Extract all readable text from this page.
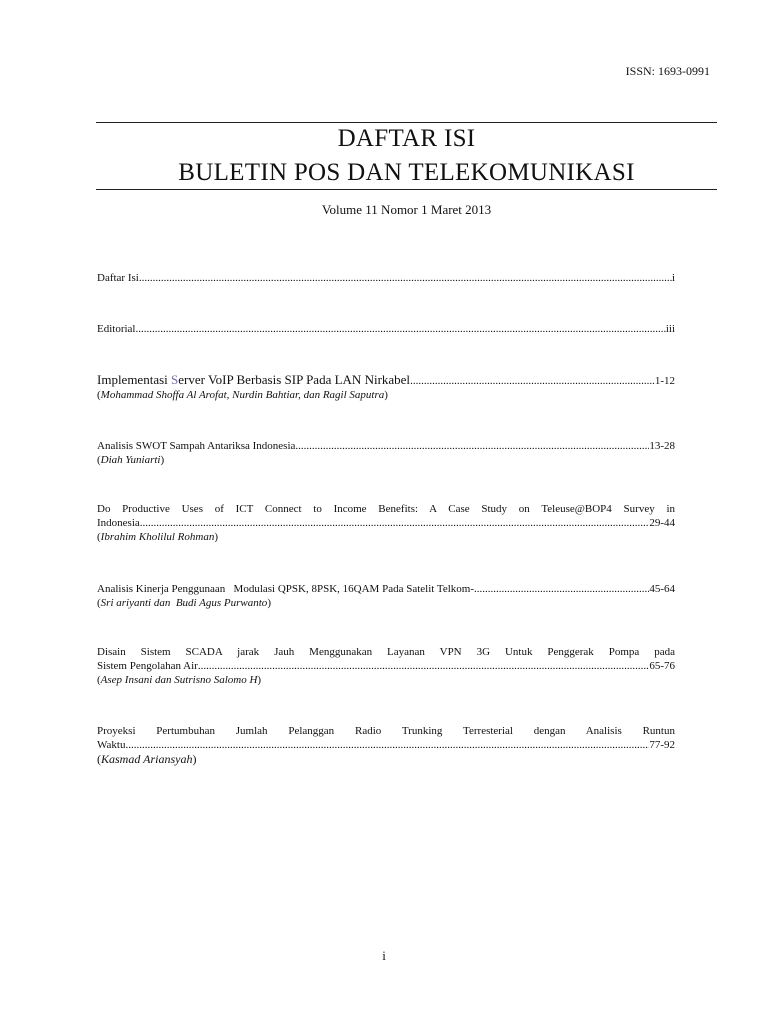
ISSN: 1693-0991
DAFTAR ISI
BULETIN POS DAN TELEKOMUNIKASI
Volume 11 Nomor 1 Maret 2013
Daftar Isi .....	i
Editorial .....	iii
Implementasi Server VoIP Berbasis SIP Pada LAN Nirkabel .....	1-12
(Mohammad Shoffa Al Arofat, Nurdin Bahtiar, dan Ragil Saputra)
Analisis SWOT Sampah Antariksa Indonesia .....	13-28
(Diah Yuniarti)
Do Productive Uses of ICT Connect to Income Benefits: A Case Study on Teleuse@BOP4 Survey in
Indonesia .....	29-44
(Ibrahim Kholilul Rohman)
Analisis Kinerja Penggunaan   Modulasi QPSK, 8PSK, 16QAM Pada Satelit Telkom- .....	45-64
(Sri ariyanti dan  Budi Agus Purwanto)
Disain Sistem SCADA jarak Jauh Menggunakan Layanan VPN 3G Untuk Penggerak Pompa pada
Sistem Pengolahan Air .....	65-76
(Asep Insani dan Sutrisno Salomo H)
Proyeksi Pertumbuhan Jumlah Pelanggan Radio Trunking Terresterial dengan Analisis Runtun
Waktu. .....	77-92
(Kasmad Ariansyah)
i
